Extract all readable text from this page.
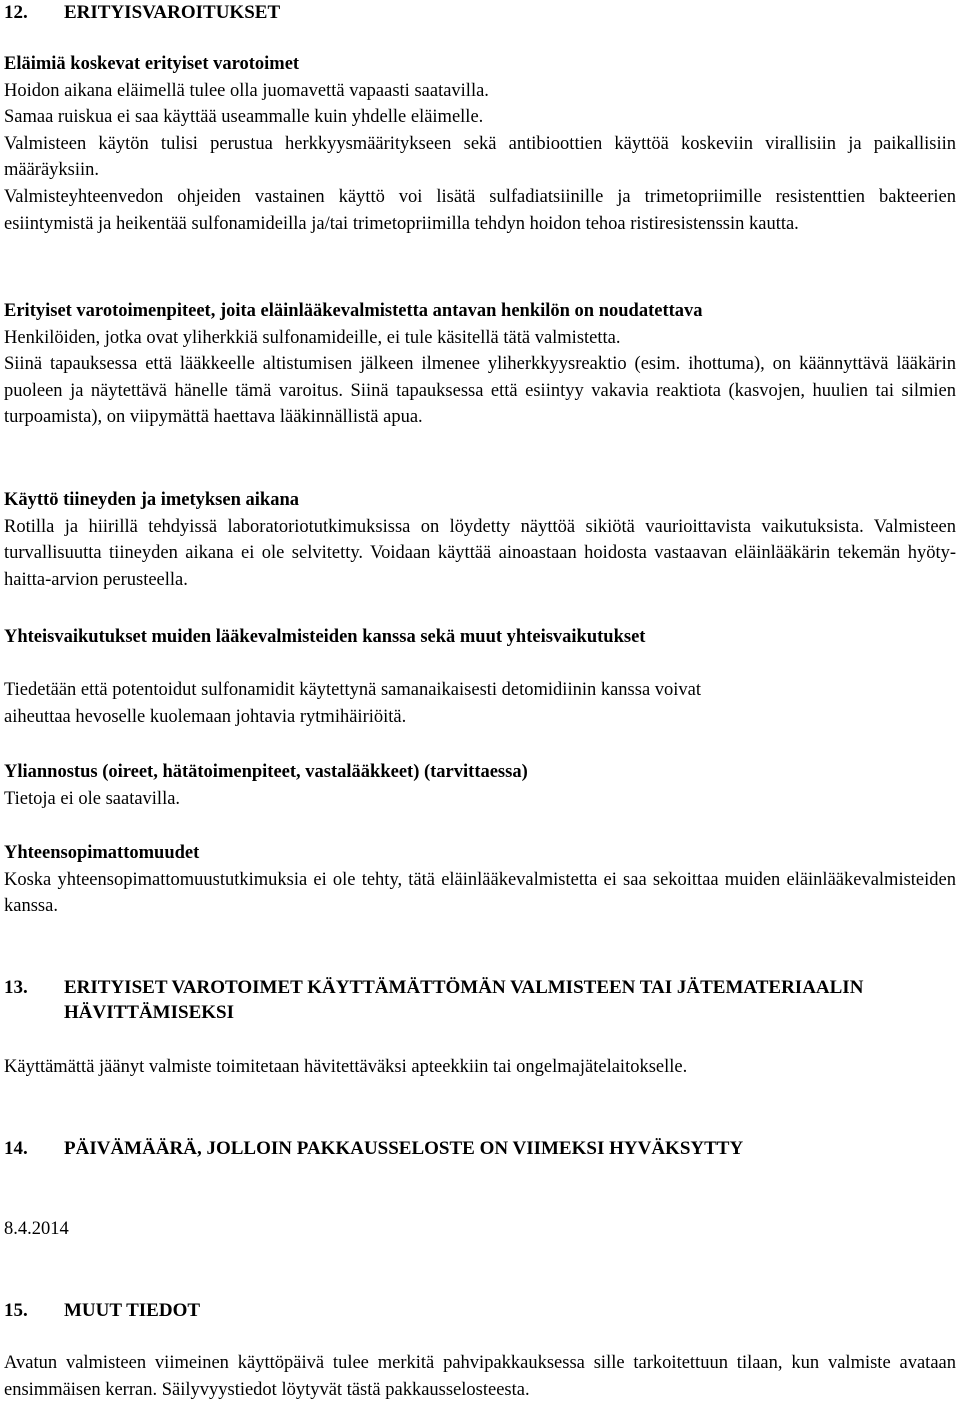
12. ERITYISVAROITUKSET
Eläimiä koskevat erityiset varotoimet

Hoidon aikana eläimellä tulee olla juomavettä vapaasti saatavilla.

Samaa ruiskua ei saa käyttää useammalle kuin yhdelle eläimelle.

Valmisteen käytön tulisi perustua herkkyysmääritykseen sekä antibioottien käyttöä koskeviin virallisiin ja paikallisiin määräyksiin.

Valmisteyhteenvedon ohjeiden vastainen käyttö voi lisätä sulfadiatsiinille ja trimetopriimille resistenttien bakteerien esiintymistä ja heikentää sulfonamideilla ja/tai trimetopriimilla tehdyn hoidon tehoa ristiresistenssin kautta.

Erityiset varotoimenpiteet, joita eläinlääkevalmistetta antavan henkilön on noudatettava

Henkilöiden, jotka ovat yliherkkiä sulfonamideille, ei tule käsitellä tätä valmistetta.

Siinä tapauksessa että lääkkeelle altistumisen jälkeen ilmenee yliherkkyysreaktio (esim. ihottuma), on käännyttävä lääkärin puoleen ja näytettävä hänelle tämä varoitus. Siinä tapauksessa että esiintyy vakavia reaktiota (kasvojen, huulien tai silmien turpoamista), on viipymättä haettava lääkinnällistä apua.

Käyttö tiineyden ja imetyksen aikana

Rotilla ja hiirillä tehdyissä laboratoriotutkimuksissa on löydetty näyttöä sikiötä vaurioittavista vaikutuksista. Valmisteen turvallisuutta tiineyden aikana ei ole selvitetty. Voidaan käyttää ainoastaan hoidosta vastaavan eläinlääkärin tekemän hyöty-haitta-arvion perusteella.

Yhteisvaikutukset muiden lääkevalmisteiden kanssa sekä muut yhteisvaikutukset

Tiedetään että potentoidut sulfonamidit käytettynä samanaikaisesti detomidiinin kanssa voivat

aiheuttaa hevoselle kuolemaan johtavia rytmihäiriöitä.

Yliannostus (oireet, hätätoimenpiteet, vastalääkkeet) (tarvittaessa)

Tietoja ei ole saatavilla.

Yhteensopimattomuudet

Koska yhteensopimattomuustutkimuksia ei ole tehty, tätä eläinlääkevalmistetta ei saa sekoittaa muiden eläinlääkevalmisteiden kanssa.

13. ERITYISET VAROTOIMET KÄYTTÄMÄTTÖMÄN VALMISTEEN TAI JÄTEMATERIAALIN HÄVITTÄMISEKSI

Käyttämättä jäänyt valmiste toimitetaan hävitettäväksi apteekkiin tai ongelmajätelaitokselle.

14. PÄIVÄMÄÄRÄ, JOLLOIN PAKKAUSSELOSTE ON VIIMEKSI HYVÄKSYTTY

8.4.2014

15. MUUT TIEDOT

Avatun valmisteen viimeinen käyttöpäivä tulee merkitä pahvipakkauksessa sille tarkoitettuun tilaan, kun valmiste avataan ensimmäisen kerran. Säilyvyystiedot löytyvät tästä pakkausselosteesta.
